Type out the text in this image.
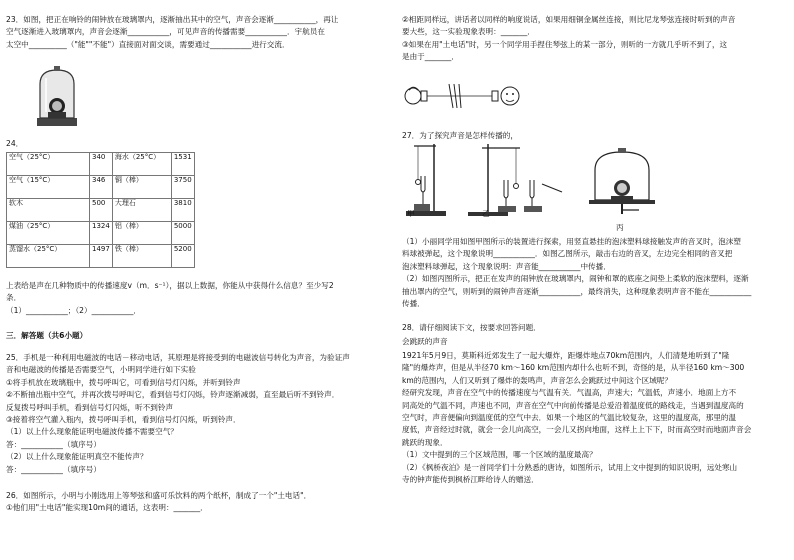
23．如图，把正在响铃的闹钟放在玻璃罩内，逐渐抽出其中的空气，声音会逐渐___________，再让

空气逐渐进入玻璃罩内，声音会逐渐___________，可见声音的传播需要___________．宇航员在

太空中__________（"能""不能"）直接面对面交谈，需要通过___________进行交流．

24．

空气（25°C）	340	海水（25°C）	1531
空气（15°C）	346	铜（棒）	3750
软木	500	大理石	3810
煤油（25°C）	1324	铝（棒）	5000
蒸馏水（25°C）	1497	铁（棒）	5200

上表给是声在几种物质中的传播速度v（m．s⁻¹），据以上数据，你能从中获得什么信息？至少写2

条．

（1）___________；（2）___________．

三．解答题（共6小题）

25．手机是一种利用电磁波的电话－移动电话，其原理是将接受到的电磁波信号转化为声音，为验证声

音和电磁波的传播是否需要空气，小明同学进行如下实验

①将手机放在玻璃瓶中，拨号呼叫它，可看到信号灯闪烁，并听到铃声

②不断抽出瓶中空气，并再次拨号呼叫它，看到信号灯闪烁，铃声逐渐减弱，直至最后听不到铃声．

反复拨号呼叫手机，看到信号灯闪烁，听不到铃声

③接着将空气灌入瓶内，拨号呼叫手机，看到信号灯闪烁，听到铃声．

（1）以上什么现象能证明电磁波传播不需要空气？

答：___________（填序号）

（2）以上什么现象能证明真空不能传声？

答：___________（填序号）

26．如图所示，小明与小刚选用上等琴弦和盛可乐饮料的两个纸杯，制成了一个"土电话"．

①他们用"土电话"能实现10m间的通话，这表明：_______．

②相距同样远，讲话者以同样的响度说话，如果用细铜金属丝连接，则比尼龙琴弦连接时听到的声音

要大些，这一实验现象表明：_______．

③如果在用"土电话"时，另一个同学用手捏住琴弦上的某一部分，则听的一方就几乎听不到了，这

是由于_______．

27．为了探究声音是怎样传播的，

甲	乙

丙

（1）小丽同学用如图甲图所示的装置进行探索，用竖直悬挂的泡沫塑料球接触发声的音叉时，泡沫塑

料球被弹起，这个现象说明___________．如图乙图所示，敲击右边的音叉，左边完全相同的音叉把

泡沫塑料球弹起，这个现象说明：声音能___________中传播．

（2）如图丙图所示，把正在发声的闹钟放在玻璃罩内，闹钟和罩的底座之间垫上柔软的泡沫塑料，逐渐

抽出罩内的空气，则听到的闹钟声音逐渐___________，最终消失，这种现象表明声音不能在___________

传播．

28．请仔细阅读下文，按要求回答问题．

会跳跃的声音

1921年5月9日，莫斯科近郊发生了一起大爆炸，距爆炸地点70km范围内，人们清楚地听到了"隆

隆"的爆炸声，但是从半径70 km～160 km范围内却什么也听不到，奇怪的是，从半径160 km～300

km的范围内，人们又听到了爆炸的轰鸣声，声音怎么会跳跃过中间这个区域呢？

经研究发现，声音在空气中的传播速度与气温有关．气温高，声速大；气温低，声速小．地面上方不

同高处的气温不同，声速也不同，声音在空气中向前传播是总爱沿着温度低的路线走，当遇到温度高的

空气时，声音便偏向到温度低的空气中去．如果一个地区的气温比较复杂，这里的温度高，那里的温

度低，声音经过时就，就会一会儿向高空，一会儿又拐向地面，这样上上下下，时而高空时而地面声音会

跳跃的现象．

（1）文中提到的三个区域范围，哪一个区域的温度最高？

（2）《枫桥夜泊》是一首同学们十分熟悉的唐诗，如图所示，试用上文中提到的知识说明，远处寒山

寺的钟声能传到枫桥江畔给诗人的赠送．
